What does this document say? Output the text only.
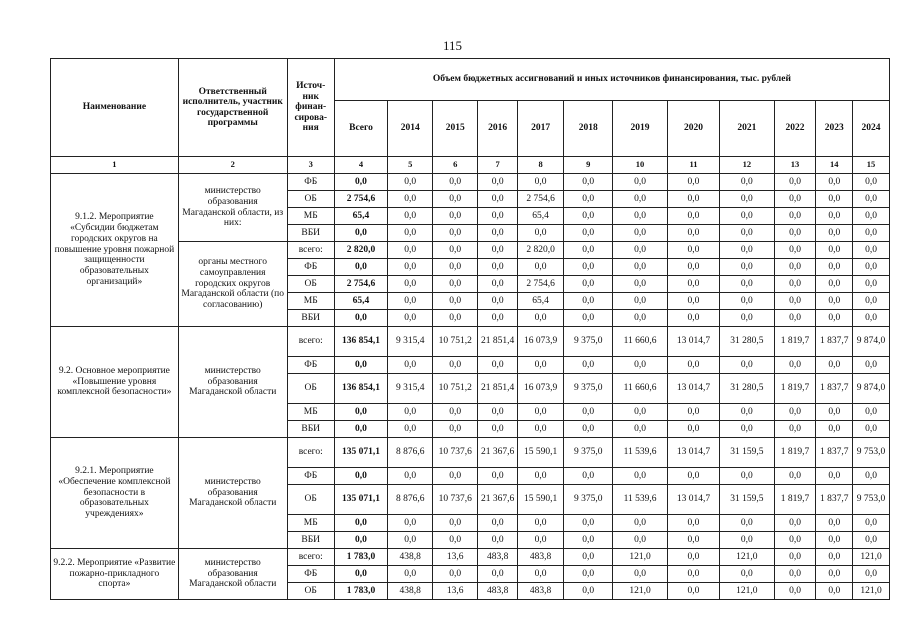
115
Наименование	Ответственный исполнитель, участник государственной программы	Источ-ник финан-сирова-ния	Объем бюджетных ассигнований и иных источников финансирования, тыс. рублей											
			Всего	2014	2015	2016	2017	2018	2019	2020	2021	2022	2023	2024
1	2	3	4	5	6	7	8	9	10	11	12	13	14	15
9.1.2. Мероприятие «Субсидии бюджетам городских округов на повышение уровня пожарной защищенности образовательных организаций»	министерство образования Магаданской области, из них:	ФБ	0,0	0,0	0,0	0,0	0,0	0,0	0,0	0,0	0,0	0,0	0,0	0,0
		ОБ	2 754,6	0,0	0,0	0,0	2 754,6	0,0	0,0	0,0	0,0	0,0	0,0	0,0
		МБ	65,4	0,0	0,0	0,0	65,4	0,0	0,0	0,0	0,0	0,0	0,0	0,0
		ВБИ	0,0	0,0	0,0	0,0	0,0	0,0	0,0	0,0	0,0	0,0	0,0	0,0
	органы местного самоуправления городских округов Магаданской области (по согласованию)	всего:	2 820,0	0,0	0,0	0,0	2 820,0	0,0	0,0	0,0	0,0	0,0	0,0	0,0
		ФБ	0,0	0,0	0,0	0,0	0,0	0,0	0,0	0,0	0,0	0,0	0,0	0,0
		ОБ	2 754,6	0,0	0,0	0,0	2 754,6	0,0	0,0	0,0	0,0	0,0	0,0	0,0
		МБ	65,4	0,0	0,0	0,0	65,4	0,0	0,0	0,0	0,0	0,0	0,0	0,0
		ВБИ	0,0	0,0	0,0	0,0	0,0	0,0	0,0	0,0	0,0	0,0	0,0	0,0
9.2. Основное мероприятие «Повышение уровня комплексной безопасности»	министерство образования Магаданской области	всего:	136 854,1	9 315,4	10 751,2	21 851,4	16 073,9	9 375,0	11 660,6	13 014,7	31 280,5	1 819,7	1 837,7	9 874,0
		ФБ	0,0	0,0	0,0	0,0	0,0	0,0	0,0	0,0	0,0	0,0	0,0	0,0
		ОБ	136 854,1	9 315,4	10 751,2	21 851,4	16 073,9	9 375,0	11 660,6	13 014,7	31 280,5	1 819,7	1 837,7	9 874,0
		МБ	0,0	0,0	0,0	0,0	0,0	0,0	0,0	0,0	0,0	0,0	0,0	0,0
		ВБИ	0,0	0,0	0,0	0,0	0,0	0,0	0,0	0,0	0,0	0,0	0,0	0,0
9.2.1. Мероприятие «Обеспечение комплексной безопасности в образовательных учреждениях»	министерство образования Магаданской области	всего:	135 071,1	8 876,6	10 737,6	21 367,6	15 590,1	9 375,0	11 539,6	13 014,7	31 159,5	1 819,7	1 837,7	9 753,0
		ФБ	0,0	0,0	0,0	0,0	0,0	0,0	0,0	0,0	0,0	0,0	0,0	0,0
		ОБ	135 071,1	8 876,6	10 737,6	21 367,6	15 590,1	9 375,0	11 539,6	13 014,7	31 159,5	1 819,7	1 837,7	9 753,0
		МБ	0,0	0,0	0,0	0,0	0,0	0,0	0,0	0,0	0,0	0,0	0,0	0,0
		ВБИ	0,0	0,0	0,0	0,0	0,0	0,0	0,0	0,0	0,0	0,0	0,0	0,0
9.2.2. Мероприятие «Развитие пожарно-прикладного спорта»	министерство образования Магаданской области	всего:	1 783,0	438,8	13,6	483,8	483,8	0,0	121,0	0,0	121,0	0,0	0,0	121,0
		ФБ	0,0	0,0	0,0	0,0	0,0	0,0	0,0	0,0	0,0	0,0	0,0	0,0
		ОБ	1 783,0	438,8	13,6	483,8	483,8	0,0	121,0	0,0	121,0	0,0	0,0	121,0
